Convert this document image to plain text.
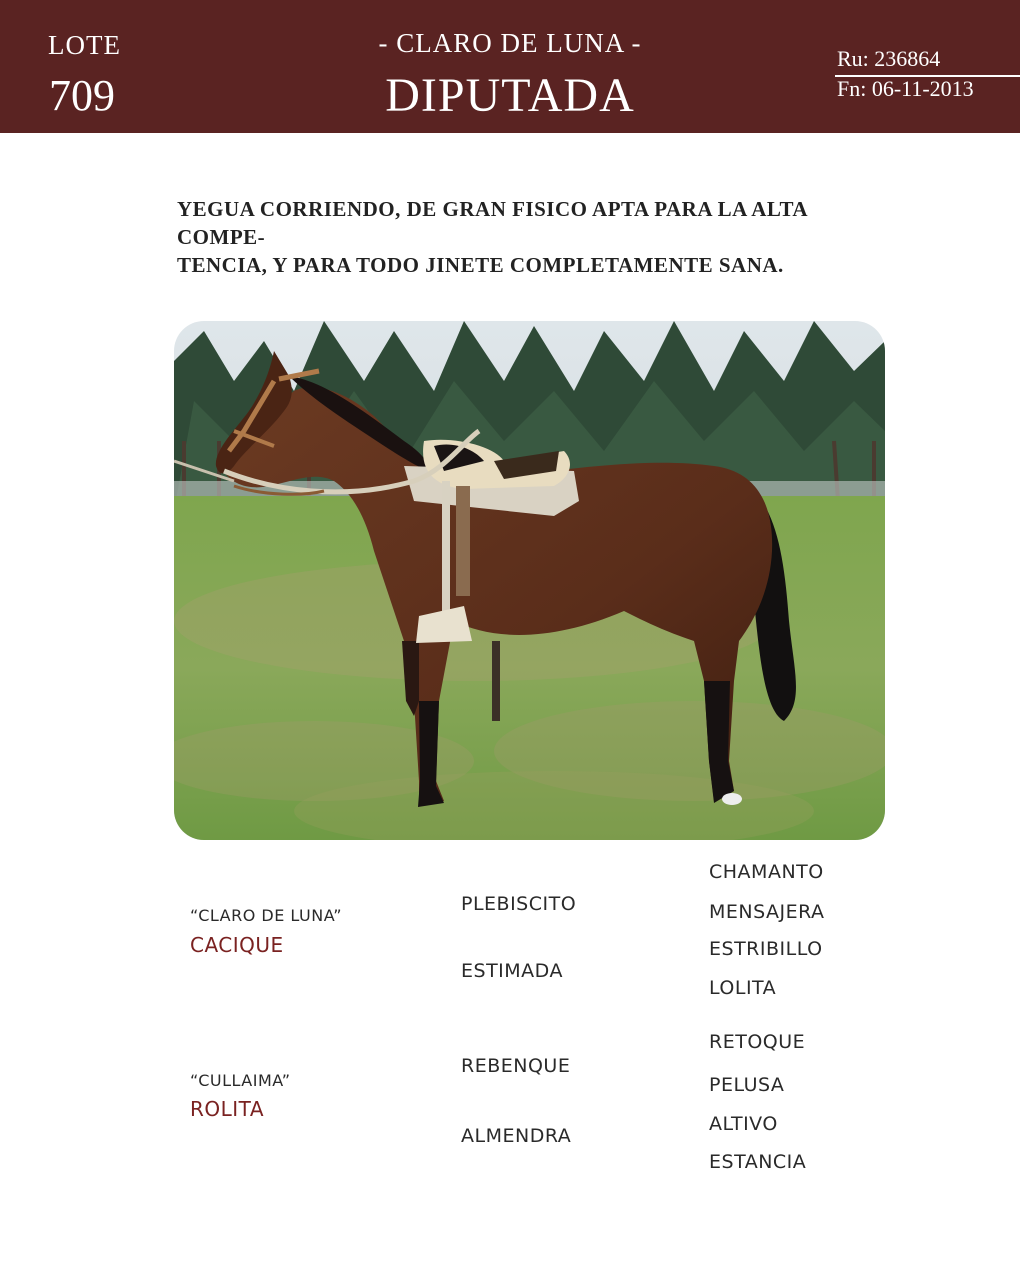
LOTE
709
- CLARO DE LUNA -
DIPUTADA
Ru: 236864
Fn: 06-11-2013
YEGUA CORRIENDO, DE GRAN FISICO APTA PARA LA ALTA COMPE-
TENCIA, Y PARA TODO JINETE COMPLETAMENTE SANA.
“CLARO DE LUNA”
CACIQUE
PLEBISCITO
ESTIMADA
CHAMANTO
MENSAJERA
ESTRIBILLO
LOLITA
“CULLAIMA”
ROLITA
REBENQUE
ALMENDRA
RETOQUE
PELUSA
ALTIVO
ESTANCIA
